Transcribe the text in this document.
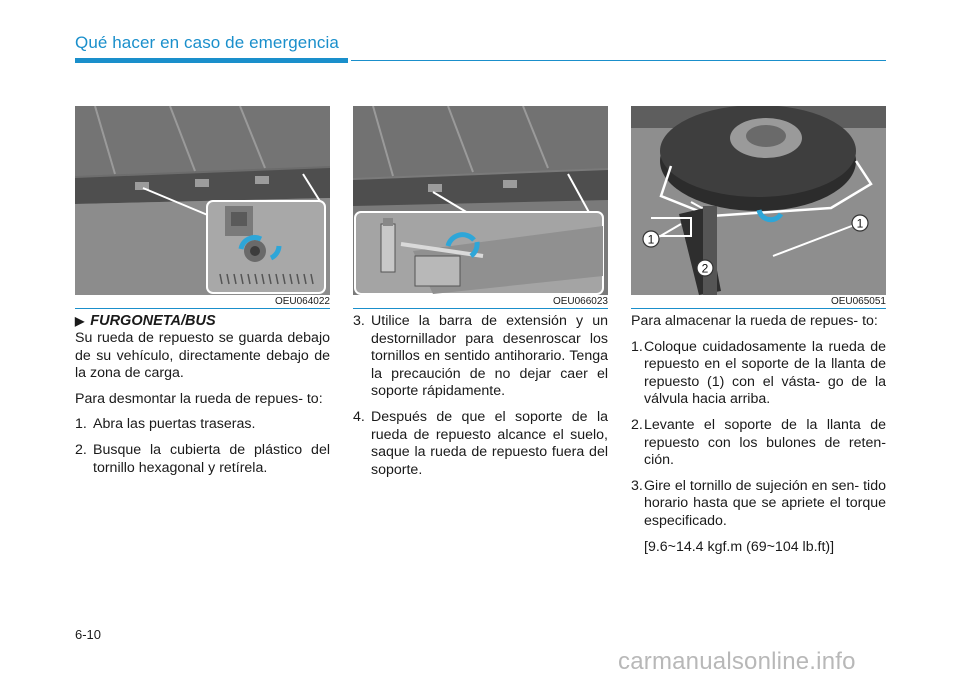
Qué hacer en caso de emergencia
OEU064022	OEU066023
1
1
2
OEU065051
▶ FURGONETA/BUS

Su rueda de repuesto se guarda debajo de su vehículo, directamente debajo de la zona de carga.

Para desmontar la rueda de repues- to:

1. Abra las puertas traseras.
2. Busque la cubierta de plástico del tornillo hexagonal y retírela.
3. Utilice la barra de extensión y un destornillador para desenroscar los tornillos en sentido antihorario. Tenga la precaución de no dejar caer el soporte rápidamente.
4. Después de que el soporte de la rueda de repuesto alcance el suelo, saque la rueda de repuesto fuera del soporte.

Para almacenar la rueda de repues- to:

1. Coloque cuidadosamente la rueda de repuesto en el soporte de la llanta de repuesto (1) con el vásta- go de la válvula hacia arriba.
2. Levante el soporte de la llanta de repuesto con los bulones de reten- ción.
3. Gire el tornillo de sujeción en sen- tido horario hasta que se apriete el torque especificado.
[9.6~14.4 kgf.m (69~104 lb.ft)]
6-10
carmanualsonline.info
